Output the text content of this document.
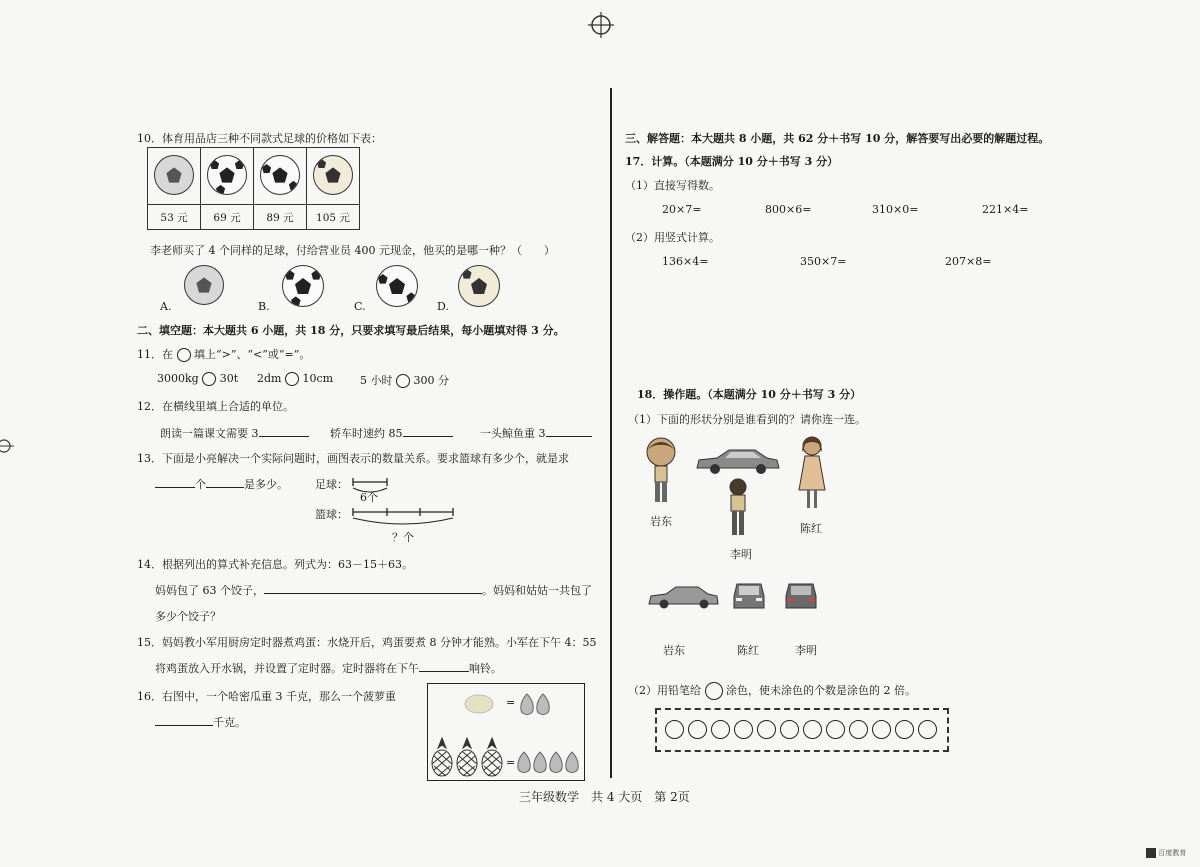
10．体育用品店三种不同款式足球的价格如下表：

53 元	69 元	89 元	105 元
李老师买了 4 个同样的足球，付给营业员 400 元现金，他买的是哪一种？（　　）
A.	B.	C.	D.
二、填空题：本大题共 6 小题，共 18 分，只要求填写最后结果，每小题填对得 3 分。
11．在 填上“>”、“<”或“=”。
3000kg 30t 2dm 10cm 5 小时 300 分
12．在横线里填上合适的单位。
朗读一篇课文需要 3	轿车时速约 85	一头鲸鱼重 3
13．下面是小亮解决一个实际问题时，画图表示的数量关系。要求篮球有多少个，就是求
个	是多少。 足球：
篮球：
6个
？个
14．根据列出的算式补充信息。列式为：63－15＋63。
妈妈包了 63 个饺子，	。妈妈和姑姑一共包了
多少个饺子？
15．妈妈教小军用厨房定时器煮鸡蛋：水烧开后，鸡蛋要煮 8 分钟才能熟。小军在下午 4：55
将鸡蛋放入开水锅，并设置了定时器。定时器将在下午	响铃。
16．右图中，一个哈密瓜重 3 千克，那么一个菠萝重
千克。
=
=
三、解答题：本大题共 8 小题，共 62 分＋书写 10 分，解答要写出必要的解题过程。
17．计算。（本题满分 10 分＋书写 3 分）
（1）直接写得数。
20×7=	800×6=	310×0=	221×4=
（2）用竖式计算。
136×4=	350×7=	207×8=
18．操作题。（本题满分 10 分＋书写 3 分）
（1）下面的形状分别是谁看到的？请你连一连。
岩东
李明
陈红
岩东	陈红	李明
（2）用铅笔给 涂色，使未涂色的个数是涂色的 2 倍。
三年级数学　共 4 大页　第 2页
百度教育
